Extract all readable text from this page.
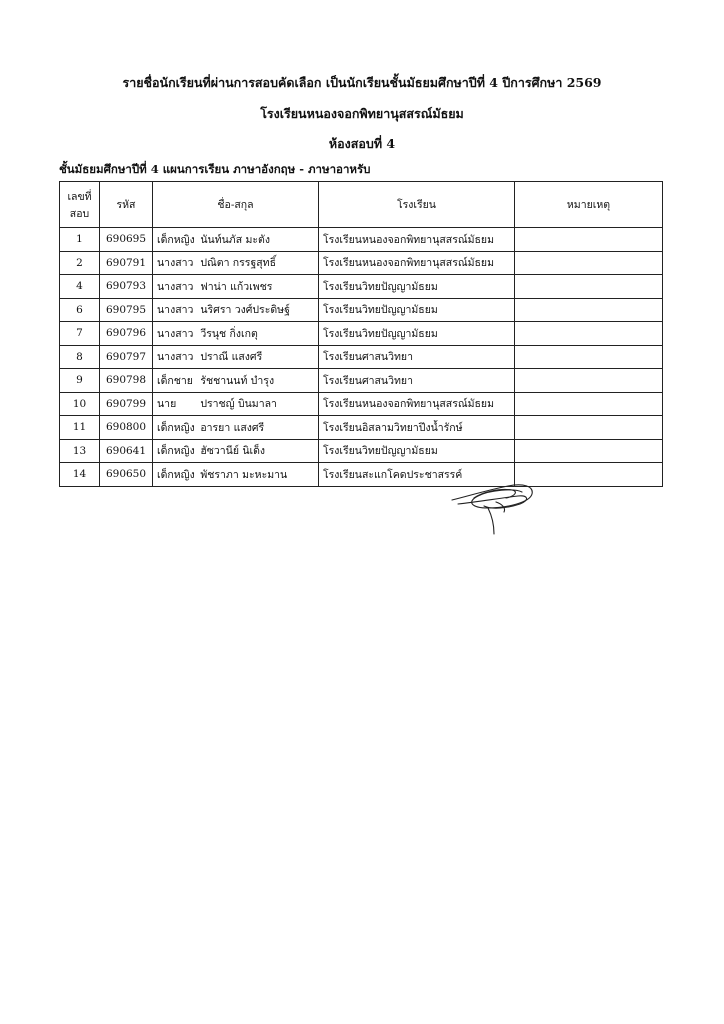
รายชื่อนักเรียนที่ผ่านการสอบคัดเลือก เป็นนักเรียนชั้นมัธยมศึกษาปีที่ 4 ปีการศึกษา 2569
โรงเรียนหนองจอกพิทยานุสสรณ์มัธยม
ห้องสอบที่ 4
ชั้นมัธยมศึกษาปีที่ 4 แผนการเรียน ภาษาอังกฤษ - ภาษาอาหรับ
เลขที่
สอบ	รหัส	ชื่อ-สกุล	โรงเรียน	หมายเหตุ
1	690695	เด็กหญิง นันท์นภัส มะตัง	โรงเรียนหนองจอกพิทยานุสสรณ์มัธยม	
2	690791	นางสาว ปณิตา กรรฐสุทธิ์	โรงเรียนหนองจอกพิทยานุสสรณ์มัธยม	
4	690793	นางสาว ฟาน่า แก้วเพชร	โรงเรียนวิทยปัญญามัธยม	
6	690795	นางสาว นริศรา วงศ์ประดิษฐ์	โรงเรียนวิทยปัญญามัธยม	
7	690796	นางสาว วีรนุช กิ่งเกตุ	โรงเรียนวิทยปัญญามัธยม	
8	690797	นางสาว ปราณี แสงศรี	โรงเรียนศาสนวิทยา	
9	690798	เด็กชาย รัชชานนท์ บำรุง	โรงเรียนศาสนวิทยา	
10	690799	นาย ปราชญ์ บินมาลา	โรงเรียนหนองจอกพิทยานุสสรณ์มัธยม	
11	690800	เด็กหญิง อารยา แสงศรี	โรงเรียนอิสลามวิทยาปึงน้ำรักษ์	
13	690641	เด็กหญิง ฮัซวานีย์ นิเด็ง	โรงเรียนวิทยปัญญามัธยม	
14	690650	เด็กหญิง พัชราภา มะหะมาน	โรงเรียนสะแกโคดประชาสรรค์	
